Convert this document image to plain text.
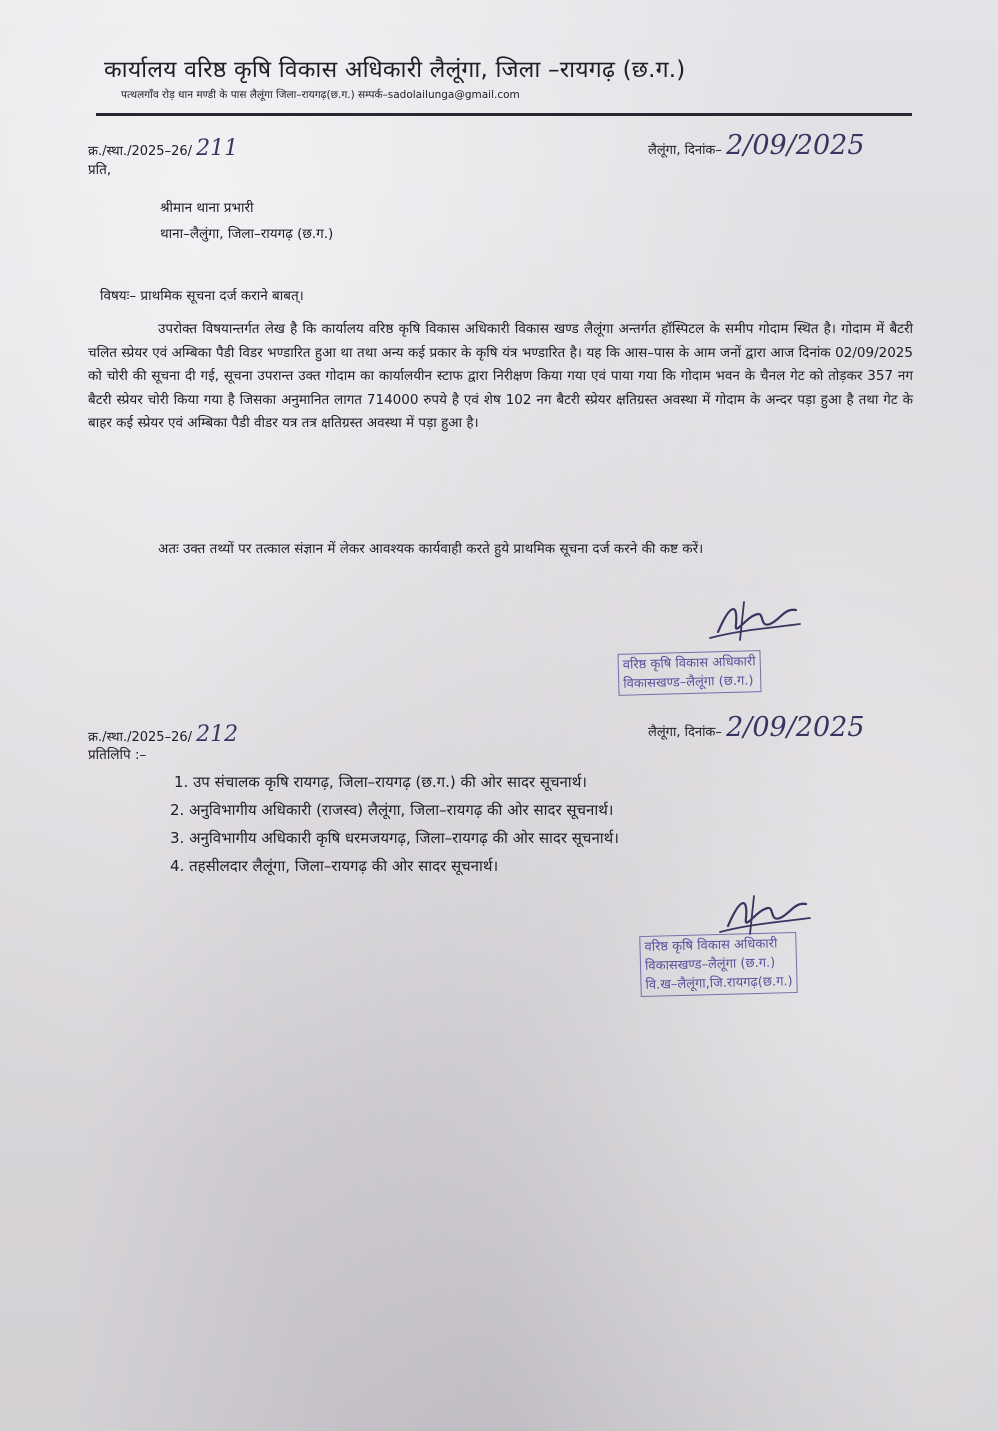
कार्यालय वरिष्ठ कृषि विकास अधिकारी लैलूंगा, जिला –रायगढ़ (छ.ग.)
पत्थलगाँव रोड़ धान मण्डी के पास लैलूंगा जिला–रायगढ़(छ.ग.) सम्पर्क–sadolailunga@gmail.com
क्र./स्था./2025–26/ 211	लैलूंगा, दिनांक– 2/09/2025
प्रति,
श्रीमान थाना प्रभारी
थाना–लैलुंगा, जिला–रायगढ़ (छ.ग.)
विषयः– प्राथमिक सूचना दर्ज कराने बाबत्।
उपरोक्त विषयान्तर्गत लेख है कि कार्यालय वरिष्ठ कृषि विकास अधिकारी विकास खण्ड लैलूंगा अन्तर्गत हॉस्पिटल के समीप गोदाम स्थित है। गोदाम में बैटरी चलित स्प्रेयर एवं अम्बिका पैडी विडर भण्डारित हुआ था तथा अन्य कई प्रकार के कृषि यंत्र भण्डारित है। यह कि आस–पास के आम जनों द्वारा आज दिनांक 02/09/2025 को चोरी की सूचना दी गई, सूचना उपरान्त उक्त गोदाम का कार्यालयीन स्टाफ द्वारा निरीक्षण किया गया एवं पाया गया कि गोदाम भवन के चैनल गेट को तोड़कर 357 नग बैटरी स्प्रेयर चोरी किया गया है जिसका अनुमानित लागत 714000 रुपये है एवं शेष 102 नग बैटरी स्प्रेयर क्षतिग्रस्त अवस्था में गोदाम के अन्दर पड़ा हुआ है तथा गेट के बाहर कई स्प्रेयर एवं अम्बिका पैडी वीडर यत्र तत्र क्षतिग्रस्त अवस्था में पड़ा हुआ है।
अतः उक्त तथ्यों पर तत्काल संज्ञान में लेकर आवश्यक कार्यवाही करते हुये प्राथमिक सूचना दर्ज करने की कष्ट करें।
वरिष्ठ कृषि विकास अधिकारी
विकासखण्ड–लैलूंगा (छ.ग.)
क्र./स्था./2025–26/ 212	लैलूंगा, दिनांक– 2/09/2025
प्रतिलिपि :–
1. उप संचालक कृषि रायगढ़, जिला–रायगढ़ (छ.ग.) की ओर सादर सूचनार्थ।
2. अनुविभागीय अधिकारी (राजस्व) लैलूंगा, जिला–रायगढ़ की ओर सादर सूचनार्थ।
3. अनुविभागीय अधिकारी कृषि धरमजयगढ़, जिला–रायगढ़ की ओर सादर सूचनार्थ।
4. तहसीलदार लैलूंगा, जिला–रायगढ़ की ओर सादर सूचनार्थ।
वरिष्ठ कृषि विकास अधिकारी
विकासखण्ड–लैलूंगा (छ.ग.)
वि.ख–लैलूंगा,जि.रायगढ़(छ.ग.)
